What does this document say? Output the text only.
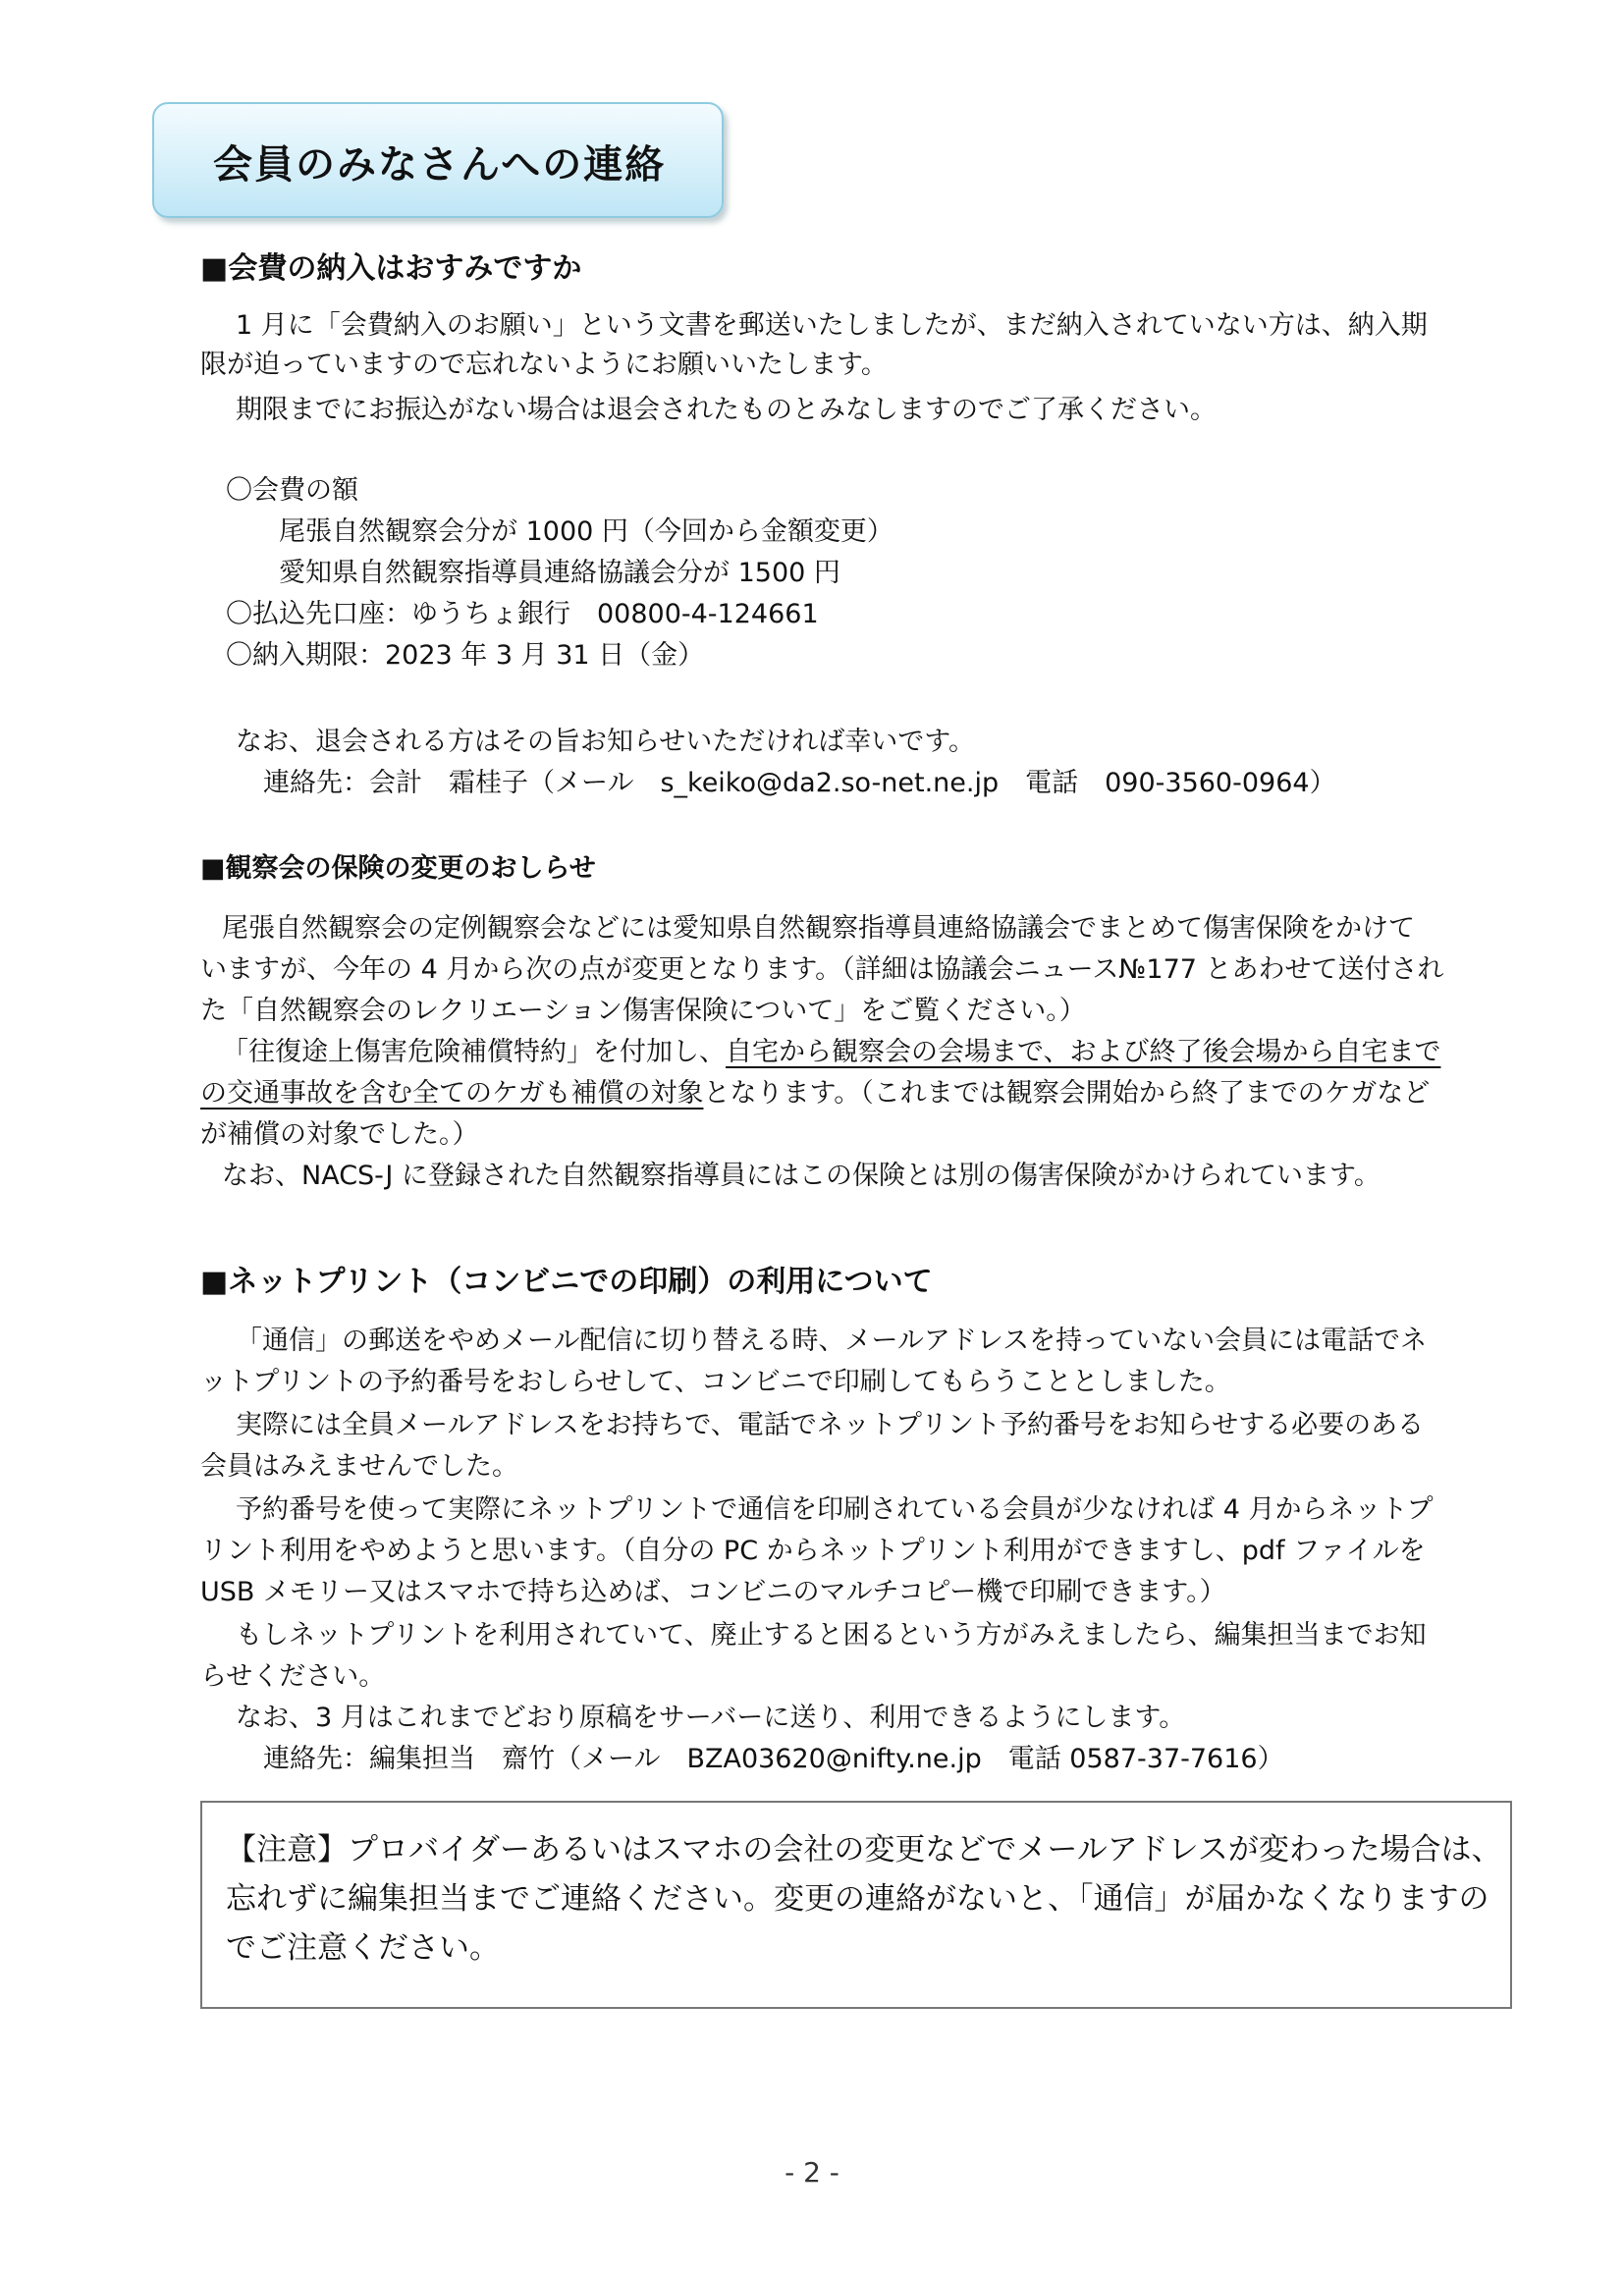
会員のみなさんへの連絡
■会費の納入はおすみですか
1 月に「会費納入のお願い」という文書を郵送いたしましたが、まだ納入されていない方は、納入期
限が迫っていますので忘れないようにお願いいたします。
期限までにお振込がない場合は退会されたものとみなしますのでご了承ください。
〇会費の額
尾張自然観察会分が 1000 円（今回から金額変更）
愛知県自然観察指導員連絡協議会分が 1500 円
〇払込先口座：ゆうちょ銀行　00800-4-124661
〇納入期限：2023 年 3 月 31 日（金）
なお、退会される方はその旨お知らせいただければ幸いです。
連絡先：会計　霜桂子（メール　s_keiko@da2.so-net.ne.jp　電話　090-3560-0964）
■観察会の保険の変更のおしらせ
尾張自然観察会の定例観察会などには愛知県自然観察指導員連絡協議会でまとめて傷害保険をかけて
いますが、今年の 4 月から次の点が変更となります。（詳細は協議会ニュース№177 とあわせて送付され
た「自然観察会のレクリエーション傷害保険について」をご覧ください。）
「往復途上傷害危険補償特約」を付加し、自宅から観察会の会場まで、および終了後会場から自宅まで
の交通事故を含む全てのケガも補償の対象となります。（これまでは観察会開始から終了までのケガなど
が補償の対象でした。）
なお、NACS-J に登録された自然観察指導員にはこの保険とは別の傷害保険がかけられています。
■ネットプリント（コンビニでの印刷）の利用について
「通信」の郵送をやめメール配信に切り替える時、メールアドレスを持っていない会員には電話でネ
ットプリントの予約番号をおしらせして、コンビニで印刷してもらうこととしました。
実際には全員メールアドレスをお持ちで、電話でネットプリント予約番号をお知らせする必要のある
会員はみえませんでした。
予約番号を使って実際にネットプリントで通信を印刷されている会員が少なければ 4 月からネットプ
リント利用をやめようと思います。（自分の PC からネットプリント利用ができますし、pdf ファイルを
USB メモリー又はスマホで持ち込めば、コンビニのマルチコピー機で印刷できます。）
もしネットプリントを利用されていて、廃止すると困るという方がみえましたら、編集担当までお知
らせください。
なお、3 月はこれまでどおり原稿をサーバーに送り、利用できるようにします。
連絡先：編集担当　齋竹（メール　BZA03620@nifty.ne.jp　電話 0587-37-7616）
【注意】プロバイダーあるいはスマホの会社の変更などでメールアドレスが変わった場合は、
忘れずに編集担当までご連絡ください。変更の連絡がないと、「通信」が届かなくなりますの
でご注意ください。
- 2 -
